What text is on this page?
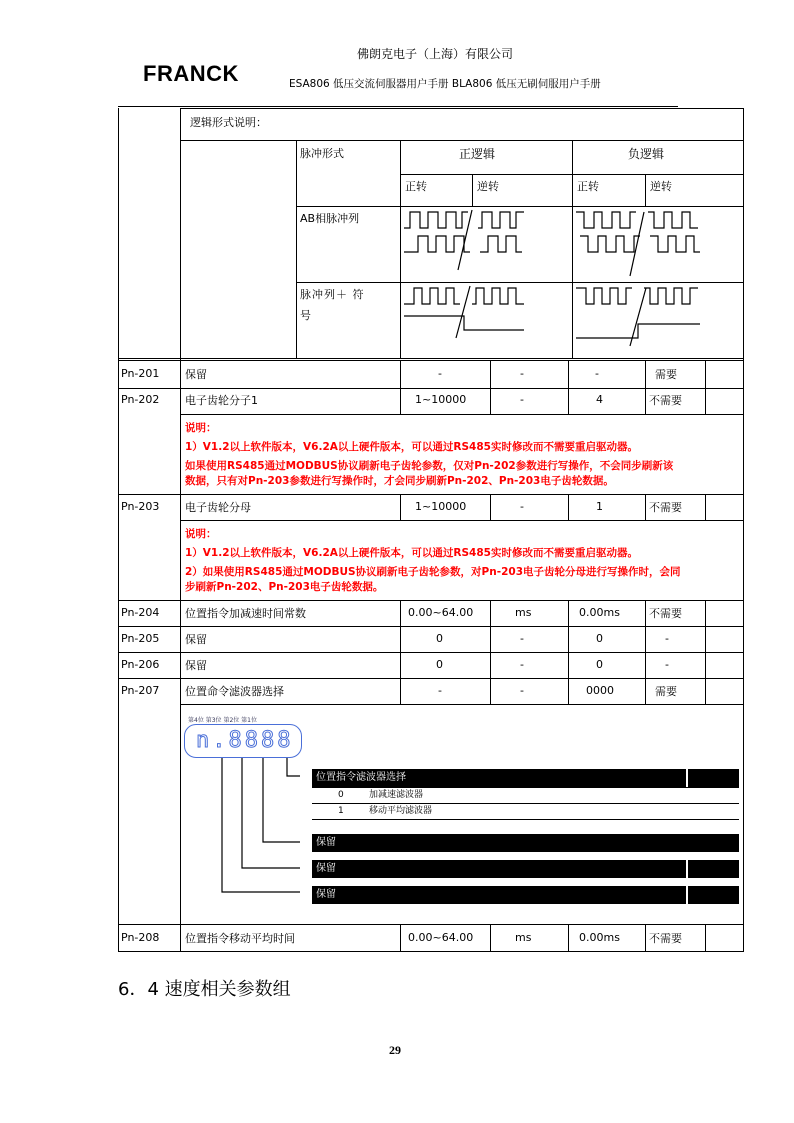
FRANCK
佛朗克电子（上海）有限公司
ESA806 低压交流伺服器用户手册 BLA806 低压无刷伺服用户手册
逻辑形式说明：
脉冲形式	正逻辑	负逻辑
正转	逆转	正转	逆转
AB相脉冲列
脉冲列＋ 符
号
Pn-201 保留	-	-	-	需要
Pn-202 电子齿轮分子1	1~10000	-	4	不需要
说明：
1）V1.2以上软件版本，V6.2A以上硬件版本，可以通过RS485实时修改而不需要重启驱动器。
如果使用RS485通过MODBUS协议刷新电子齿轮参数，仅对Pn-202参数进行写操作，不会同步刷新该
数据，只有对Pn-203参数进行写操作时，才会同步刷新Pn-202、Pn-203电子齿轮数据。
Pn-203 电子齿轮分母	1~10000	-	1	不需要
说明：
1）V1.2以上软件版本，V6.2A以上硬件版本，可以通过RS485实时修改而不需要重启驱动器。
2）如果使用RS485通过MODBUS协议刷新电子齿轮参数，对Pn-203电子齿轮分母进行写操作时，会同
步刷新Pn-202、Pn-203电子齿轮数据。
Pn-204 位置指令加减速时间常数	0.00~64.00	ms	0.00ms	不需要
Pn-205 保留	0	-	0	-
Pn-206 保留	0	-	0	-
Pn-207 位置命令滤波器选择	-	-	0000	需要
第4位 第3位 第2位 第1位
n.8888
位置指令滤波器选择
0	加减速滤波器
1	移动平均滤波器
保留
保留
保留
Pn-208 位置指令移动平均时间	0.00~64.00	ms	0.00ms	不需要
6．4 速度相关参数组
29
